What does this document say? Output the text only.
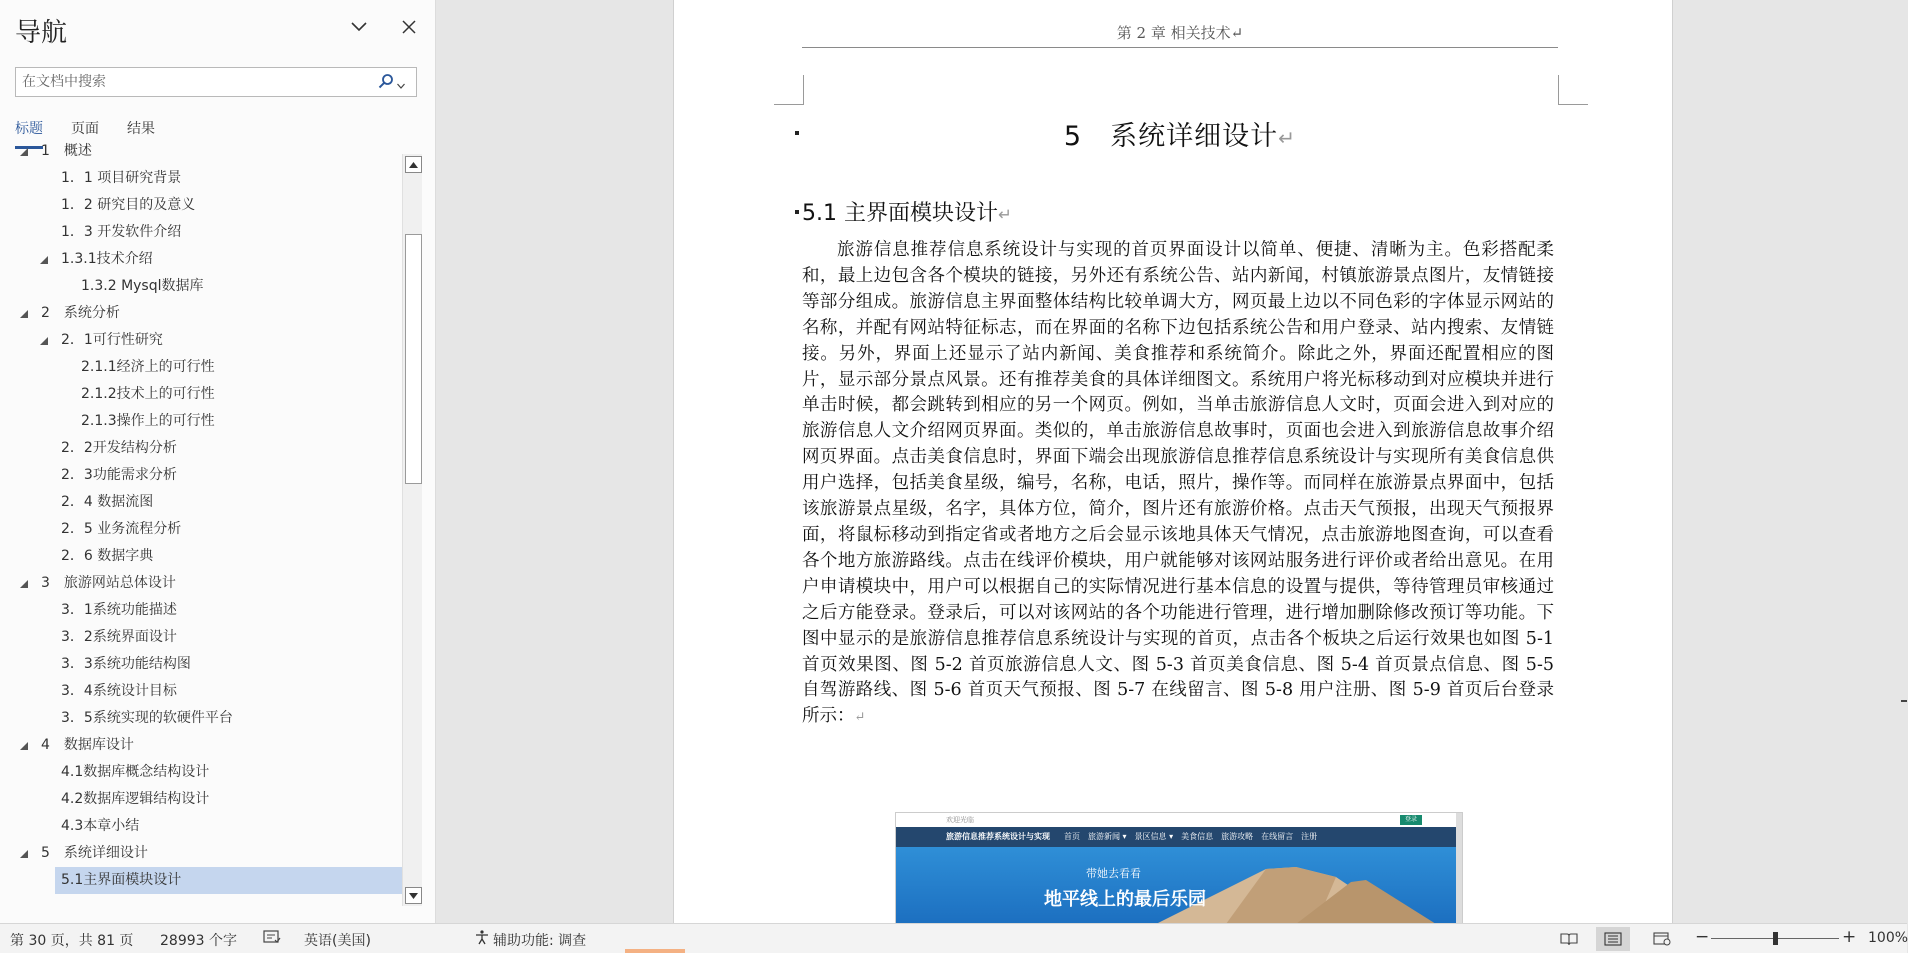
导航
在文档中搜索
标题 页面 结果
1　概述
1．1 项目研究背景
1．2 研究目的及意义
1．3 开发软件介绍
1.3.1技术介绍
1.3.2 Mysql数据库
2　系统分析
2．1可行性研究
2.1.1经济上的可行性
2.1.2技术上的可行性
2.1.3操作上的可行性
2．2开发结构分析
2．3功能需求分析
2．4 数据流图
2．5 业务流程分析
2．6 数据字典
3　旅游网站总体设计
3．1系统功能描述
3．2系统界面设计
3．3系统功能结构图
3．4系统设计目标
3．5系统实现的软硬件平台
4　数据库设计
4.1数据库概念结构设计
4.2数据库逻辑结构设计
4.3本章小结
5　系统详细设计
5.1主界面模块设计
第 2 章 相关技术↵
5　系统详细设计↵
5.1 主界面模块设计↵
旅游信息推荐信息系统设计与实现的首页界面设计以简单、便捷、清晰为主。色彩搭配柔和，最上边包含各个模块的链接，另外还有系统公告、站内新闻，村镇旅游景点图片，友情链接等部分组成。旅游信息主界面整体结构比较单调大方，网页最上边以不同色彩的字体显示网站的名称，并配有网站特征标志，而在界面的名称下边包括系统公告和用户登录、站内搜索、友情链接。另外，界面上还显示了站内新闻、美食推荐和系统简介。除此之外，界面还配置相应的图片，显示部分景点风景。还有推荐美食的具体详细图文。系统用户将光标移动到对应模块并进行单击时候，都会跳转到相应的另一个网页。例如，当单击旅游信息人文时，页面会进入到对应的旅游信息人文介绍网页界面。类似的，单击旅游信息故事时，页面也会进入到旅游信息故事介绍网页界面。点击美食信息时，界面下端会出现旅游信息推荐信息系统设计与实现所有美食信息供用户选择，包括美食星级，编号，名称，电话，照片，操作等。而同样在旅游景点界面中，包括该旅游景点星级，名字，具体方位，简介，图片还有旅游价格。点击天气预报，出现天气预报界面，将鼠标移动到指定省或者地方之后会显示该地具体天气情况，点击旅游地图查询，可以查看各个地方旅游路线。点击在线评价模块，用户就能够对该网站服务进行评价或者给出意见。在用户申请模块中，用户可以根据自己的实际情况进行基本信息的设置与提供，等待管理员审核通过之后方能登录。登录后，可以对该网站的各个功能进行管理，进行增加删除修改预订等功能。下图中显示的是旅游信息推荐信息系统设计与实现的首页，点击各个板块之后运行效果也如图 5-1 首页效果图、图 5-2 首页旅游信息人文、图 5-3 首页美食信息、图 5-4 首页景点信息、图 5-5 自驾游路线、图 5-6 首页天气预报、图 5-7 在线留言、图 5-8 用户注册、图 5-9 首页后台登录所示：↵
欢迎光临	登录
旅游信息推荐系统设计与实现 首页 旅游新闻 ▾ 景区信息 ▾ 美食信息 旅游攻略 在线留言 注册
带她去看看
地平线上的最后乐园
第 30 页，共 81 页 28993 个字	英语(美国)	辅助功能: 调查	−	+ 100%
